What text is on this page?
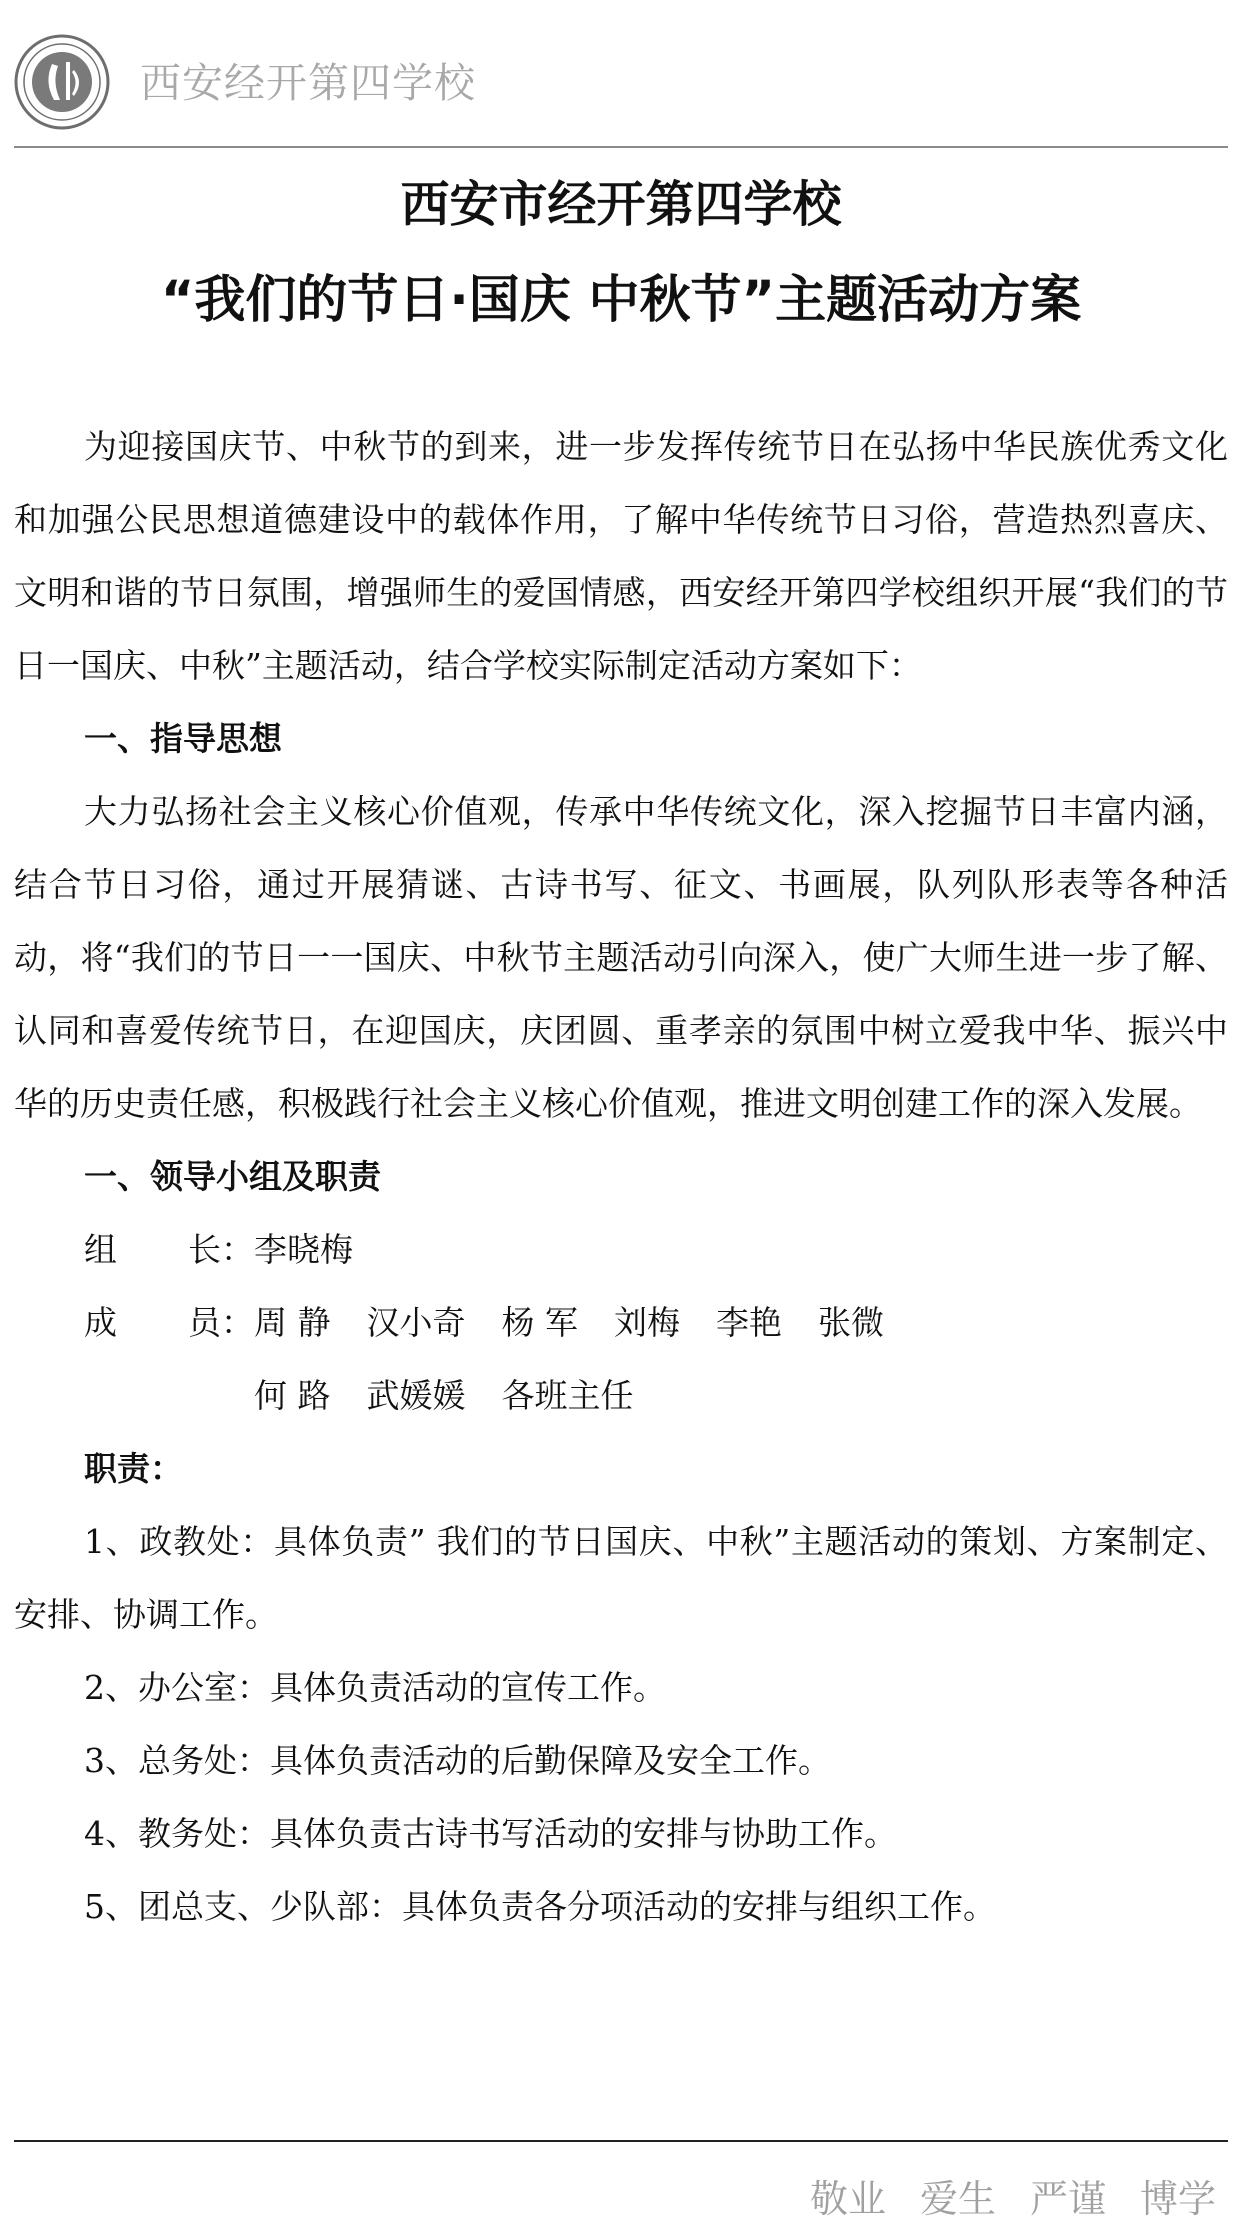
西安经开第四学校
西安市经开第四学校
“我们的节日·国庆 中秋节”主题活动方案

为迎接国庆节、中秋节的到来，进一步发挥传统节日在弘扬中华民族优秀文化和加强公民思想道德建设中的载体作用，了解中华传统节日习俗，营造热烈喜庆、文明和谐的节日氛围，增强师生的爱国情感，西安经开第四学校组织开展“我们的节日一国庆、中秋”主题活动，结合学校实际制定活动方案如下：

一、指导思想

大力弘扬社会主义核心价值观，传承中华传统文化，深入挖掘节日丰富内涵，结合节日习俗，通过开展猜谜、古诗书写、征文、书画展，队列队形表等各种活动，将“我们的节日一一国庆、中秋节主题活动引向深入，使广大师生进一步了解、认同和喜爱传统节日，在迎国庆，庆团圆、重孝亲的氛围中树立爱我中华、振兴中华的历史责任感，积极践行社会主义核心价值观，推进文明创建工作的深入发展。

一、领导小组及职责

组 长： 李晓梅
成 员： 周 静 汉小奇 杨 军 刘梅 李艳 张微
何 路 武媛媛 各班主任

职责：

1、政教处：具体负责” 我们的节日国庆、中秋”主题活动的策划、方案制定、安排、协调工作。

2、办公室：具体负责活动的宣传工作。

3、总务处：具体负责活动的后勤保障及安全工作。

4、教务处：具体负责古诗书写活动的安排与协助工作。

5、团总支、少队部：具体负责各分项活动的安排与组织工作。

敬业 爱生 严谨 博学
